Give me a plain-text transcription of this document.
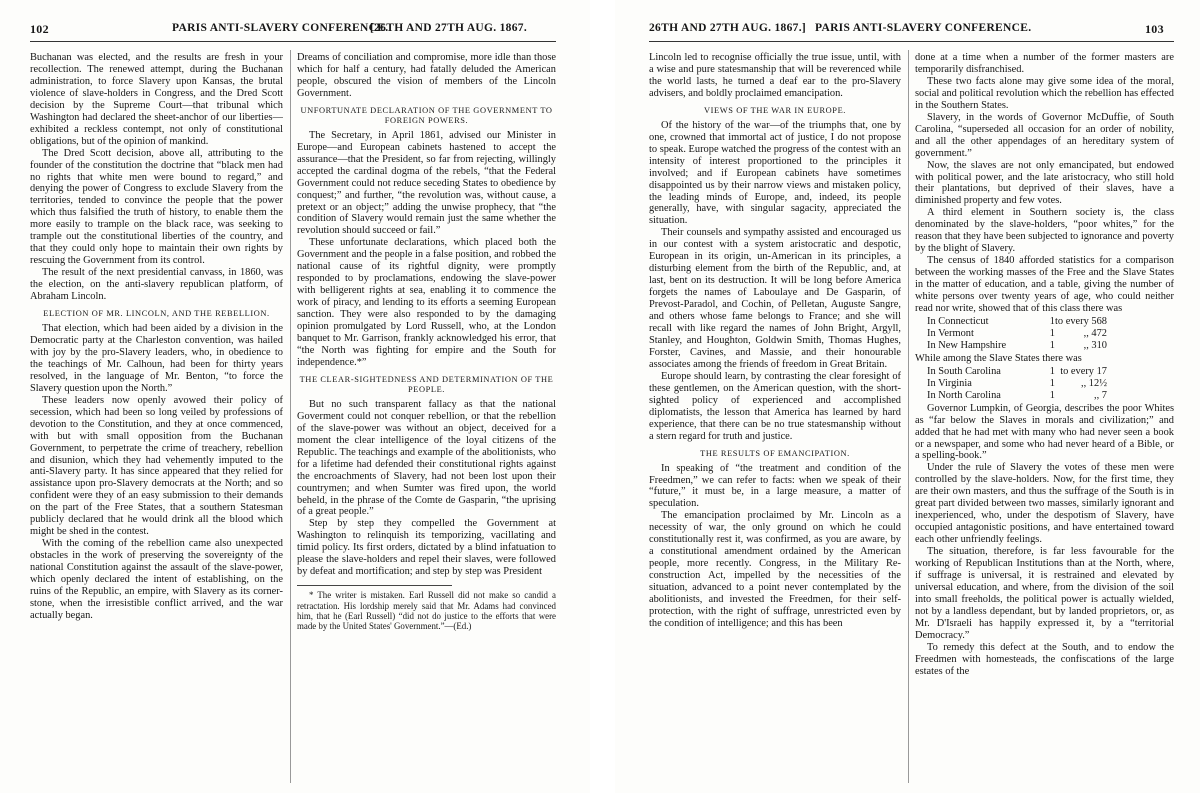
102	PARIS ANTI-SLAVERY CONFERENCE.
[26TH AND 27TH AUG. 1867.

Buchanan was elected, and the results are fresh in your recollection. The renewed attempt, during the Buchanan administration, to force Slavery upon Kansas, the brutal violence of slave-holders in Congress, and the Dred Scott decision by the Supreme Court—that tribunal which Washington had declared the sheet-anchor of our liberties—exhibited a reckless contempt, not only of constitutional obligations, but of the opinion of mankind.

The Dred Scott decision, above all, attributing to the founder of the constitution the doctrine that “black men had no rights that white men were bound to regard,” and denying the power of Congress to exclude Slavery from the territories, tended to convince the people that the power which thus falsified the truth of history, to enable them the more easily to trample on the black race, was seeking to trample out the constitutional liberties of the country, and that they could only hope to maintain their own rights by rescuing the Government from its control.

The result of the next presidential canvass, in 1860, was the election, on the anti-slavery republican platform, of Abraham Lincoln.

ELECTION OF MR. LINCOLN, AND THE REBELLION.

That election, which had been aided by a division in the Democratic party at the Charleston convention, was hailed with joy by the pro-Slavery leaders, who, in obedience to the teachings of Mr. Calhoun, had been for thirty years resolved, in the language of Mr. Benton, “to force the Slavery question upon the North.”

These leaders now openly avowed their policy of secession, which had been so long veiled by professions of devotion to the Constitution, and they at once commenced, with but with small opposition from the Buchanan Government, to perpetrate the crime of treachery, rebellion and disunion, which they had vehemently imputed to the anti-Slavery party. It has since appeared that they relied for assistance upon pro-Slavery democrats at the North; and so confident were they of an easy submission to their demands on the part of the Free States, that a southern Statesman publicly declared that he would drink all the blood which might be shed in the contest.

With the coming of the rebellion came also unexpected obstacles in the work of preserving the sovereignty of the national Constitution against the assault of the slave-power, which openly declared the intent of establishing, on the ruins of the Republic, an empire, with Slavery as its corner-stone, when the irresistible conflict arrived, and the war actually began.

Dreams of conciliation and compromise, more idle than those which for half a century, had fatally deluded the American people, obscured the vision of members of the Lincoln Government.

UNFORTUNATE DECLARATION OF THE GOVERNMENT TO FOREIGN POWERS.

The Secretary, in April 1861, advised our Minister in Europe—and European cabinets hastened to accept the assurance—that the President, so far from rejecting, willingly accepted the cardinal dogma of the rebels, “that the Federal Government could not reduce seceding States to obedience by conquest;” and further, “the revolution was, without cause, a pretext or an object;” adding the unwise prophecy, that “the condition of Slavery would remain just the same whether the revolution should succeed or fail.”

These unfortunate declarations, which placed both the Government and the people in a false position, and robbed the national cause of its rightful dignity, were promptly responded to by proclamations, endowing the slave-power with belligerent rights at sea, enabling it to commence the work of piracy, and lending to its efforts a seeming European sanction. They were also responded to by the damaging opinion promulgated by Lord Russell, who, at the London banquet to Mr. Garrison, frankly acknowledged his error, that “the North was fighting for empire and the South for independence.*”

THE CLEAR-SIGHTEDNESS AND DETERMINATION OF THE PEOPLE.

But no such transparent fallacy as that the national Goverment could not conquer rebellion, or that the rebellion of the slave-power was without an object, deceived for a moment the clear intelligence of the loyal citizens of the Republic. The teachings and example of the abolitionists, who for a lifetime had defended their constitutional rights against the encroachments of Slavery, had not been lost upon their countrymen; and when Sumter was fired upon, the world beheld, in the phrase of the Comte de Gasparin, “the uprising of a great people.”

Step by step they compelled the Government at Washington to relinquish its temporizing, vacillating and timid policy. Its first orders, dictated by a blind infatuation to please the slave-holders and repel their slaves, were followed by defeat and mortification; and step by step was President

* The writer is mistaken. Earl Russell did not make so candid a retractation. His lordship merely said that Mr. Adams had convinced him, that he (Earl Russell) “did not do justice to the efforts that were made by the United States' Government.”—(Ed.)

26TH AND 27TH AUG. 1867.] PARIS ANTI-SLAVERY CONFERENCE.	103

Lincoln led to recognise officially the true issue, until, with a wise and pure statesmanship that will be reverenced while the world lasts, he turned a deaf ear to the pro-Slavery advisers, and boldly proclaimed emancipation.

VIEWS OF THE WAR IN EUROPE.

Of the history of the war—of the triumphs that, one by one, crowned that immortal act of justice, I do not propose to speak. Europe watched the progress of the contest with an intensity of interest proportioned to the principles it involved; and if European cabinets have sometimes disappointed us by their narrow views and mistaken policy, the leading minds of Europe, and, indeed, its people generally, have, with singular sagacity, appreciated the situation.

Their counsels and sympathy assisted and encouraged us in our contest with a system aristocratic and despotic, European in its origin, un-American in its principles, a disturbing element from the birth of the Republic, and, at last, bent on its destruction. It will be long before America forgets the names of Laboulaye and De Gasparin, of Prevost-Paradol, and Cochin, of Pelletan, Auguste Sangre, and others whose fame belongs to France; and she will recall with like regard the names of John Bright, Argyll, Stanley, and Houghton, Goldwin Smith, Thomas Hughes, Forster, Cavines, and Massie, and their honourable associates among the friends of freedom in Great Britain.

Europe should learn, by contrasting the clear foresight of these gentlemen, on the American question, with the short-sighted policy of experienced and accomplished diplomatists, the lesson that America has learned by hard experience, that there can be no true statesmanship without a stern regard for truth and justice.

THE RESULTS OF EMANCIPATION.

In speaking of “the treatment and condition of the Freedmen,” we can refer to facts: when we speak of their “future,” it must be, in a large measure, a matter of speculation.

The emancipation proclaimed by Mr. Lincoln as a necessity of war, the only ground on which he could constitutionally rest it, was confirmed, as you are aware, by a constitutional amendment ordained by the American people, more recently. Congress, in the Military Re-construction Act, impelled by the necessities of the situation, advanced to a point never contemplated by the abolitionists, and invested the Freedmen, for their self-protection, with the right of suffrage, unrestricted even by the condition of intelligence; and this has been

done at a time when a number of the former masters are temporarily disfranchised.

These two facts alone may give some idea of the moral, social and political revolution which the rebellion has effected in the Southern States.

Slavery, in the words of Governor McDuffie, of South Carolina, “superseded all occasion for an order of nobility, and all the other appendages of an hereditary system of government.”

Now, the slaves are not only emancipated, but endowed with political power, and the late aristocracy, who still hold their plantations, but deprived of their slaves, have a diminished property and few votes.

A third element in Southern society is, the class denominated by the slave-holders, “poor whites,” for the reason that they have been subjected to ignorance and poverty by the blight of Slavery.

The census of 1840 afforded statistics for a comparison between the working masses of the Free and the Slave States in the matter of education, and a table, giving the number of white persons over twenty years of age, who could neither read nor write, showed that of this class there was

In Connecticut	1 to every 568
In Vermont	1	,, 472
In New Hampshire	1	,, 310

While among the Slave States there was

In South Carolina	1 to every 17
In Virginia	1	,, 12½
In North Carolina	1	,, 7

Governor Lumpkin, of Georgia, describes the poor Whites as “far below the Slaves in morals and civilization;” and added that he had met with many who had never seen a book or a newspaper, and some who had never heard of a Bible, or a spelling-book.”

Under the rule of Slavery the votes of these men were controlled by the slave-holders. Now, for the first time, they are their own masters, and thus the suffrage of the South is in great part divided between two masses, similarly ignorant and inexperienced, who, under the despotism of Slavery, have occupied antagonistic positions, and have entertained toward each other unfriendly feelings.

The situation, therefore, is far less favourable for the working of Republican Institutions than at the North, where, if suffrage is universal, it is restrained and elevated by universal education, and where, from the division of the soil into small freeholds, the political power is actually wielded, not by a landless dependant, but by landed proprietors, or, as Mr. D'Israeli has happily expressed it, by a “territorial Democracy.”

To remedy this defect at the South, and to endow the Freedmen with homesteads, the confiscations of the large estates of the
